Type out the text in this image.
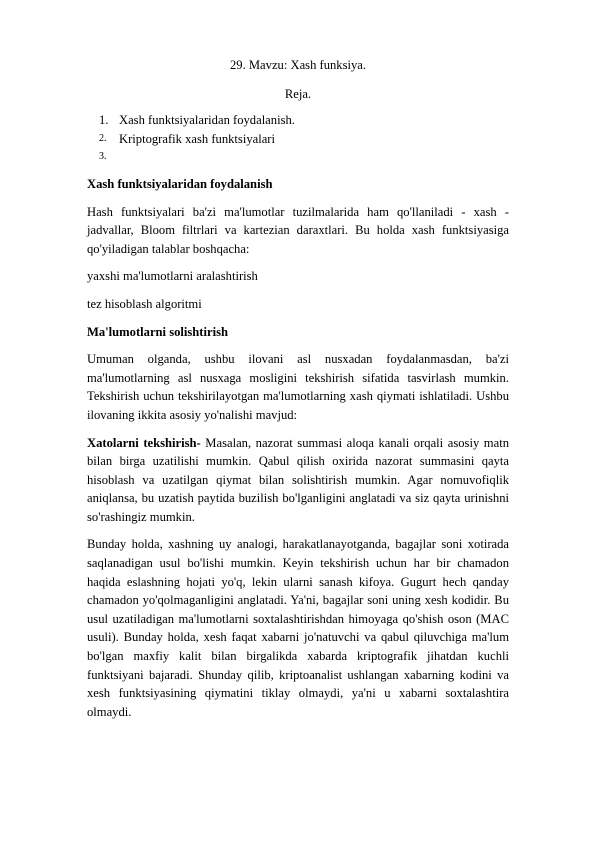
29. Mavzu: Xash funksiya.
Reja.
1. Xash funktsiyalaridan foydalanish.
2. Kriptografik xash funktsiyalari
3.

Xash funktsiyalaridan foydalanish

Hash funktsiyalari ba'zi ma'lumotlar tuzilmalarida ham qo'llaniladi - xash -jadvallar, Bloom filtrlari va kartezian daraxtlari. Bu holda xash funktsiyasiga qo'yiladigan talablar boshqacha:

yaxshi ma'lumotlarni aralashtirish
tez hisoblash algoritmi
Ma'lumotlarni solishtirish

Umuman olganda, ushbu ilovani asl nusxadan foydalanmasdan, ba'zi ma'lumotlarning asl nusxaga mosligini tekshirish sifatida tasvirlash mumkin. Tekshirish uchun tekshirilayotgan ma'lumotlarning xash qiymati ishlatiladi. Ushbu ilovaning ikkita asosiy yo'nalishi mavjud:

Xatolarni tekshirish- Masalan, nazorat summasi aloqa kanali orqali asosiy matn bilan birga uzatilishi mumkin. Qabul qilish oxirida nazorat summasini qayta hisoblash va uzatilgan qiymat bilan solishtirish mumkin. Agar nomuvofiqlik aniqlansa, bu uzatish paytida buzilish bo'lganligini anglatadi va siz qayta urinishni so'rashingiz mumkin.

Bunday holda, xashning uy analogi, harakatlanayotganda, bagajlar soni xotirada saqlanadigan usul bo'lishi mumkin. Keyin tekshirish uchun har bir chamadon haqida eslashning hojati yo'q, lekin ularni sanash kifoya. Gugurt hech qanday chamadon yo'qolmaganligini anglatadi. Ya'ni, bagajlar soni uning xesh kodidir. Bu usul uzatiladigan ma'lumotlarni soxtalashtirishdan himoyaga qo'shish oson (MAC usuli). Bunday holda, xesh faqat xabarni jo'natuvchi va qabul qiluvchiga ma'lum bo'lgan maxfiy kalit bilan birgalikda xabarda kriptografik jihatdan kuchli funktsiyani bajaradi. Shunday qilib, kriptoanalist ushlangan xabarning kodini va xesh funktsiyasining qiymatini tiklay olmaydi, ya'ni u xabarni soxtalashtira olmaydi.
